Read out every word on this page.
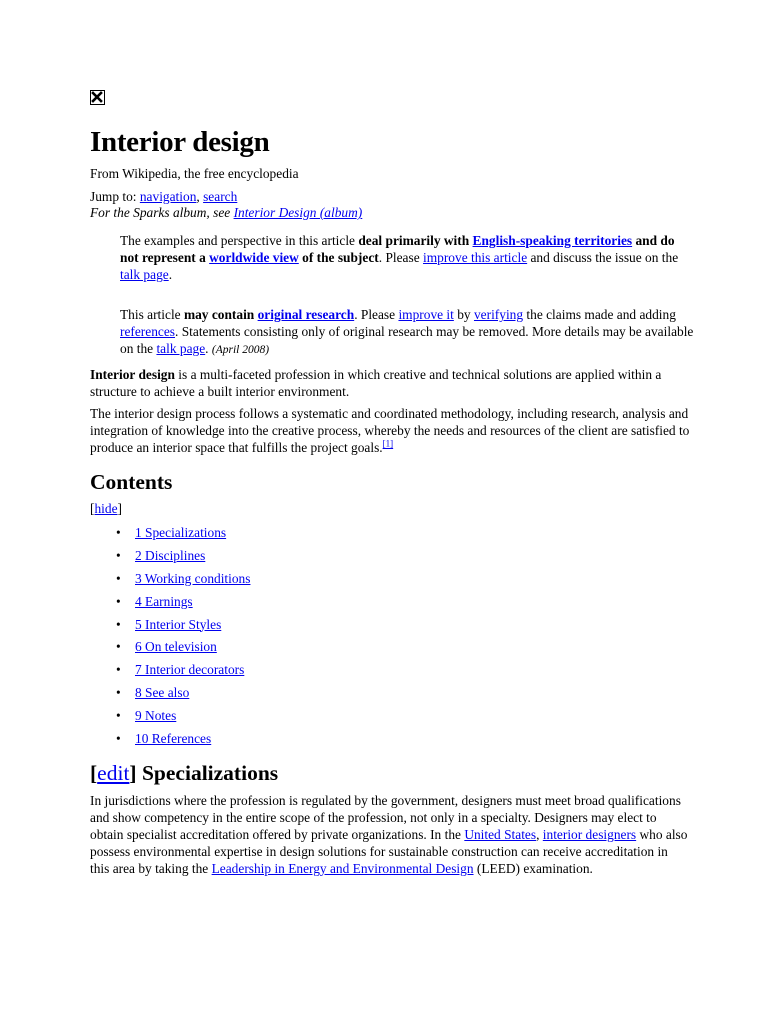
Interior design

From Wikipedia, the free encyclopedia

Jump to: navigation, search

For the Sparks album, see Interior Design (album)

The examples and perspective in this article deal primarily with English-speaking territories and do not represent a worldwide view of the subject. Please improve this article and discuss the issue on the talk page.

This article may contain original research. Please improve it by verifying the claims made and adding references. Statements consisting only of original research may be removed. More details may be available on the talk page. (April 2008)

Interior design is a multi-faceted profession in which creative and technical solutions are applied within a structure to achieve a built interior environment.

The interior design process follows a systematic and coordinated methodology, including research, analysis and integration of knowledge into the creative process, whereby the needs and resources of the client are satisfied to produce an interior space that fulfills the project goals.[1]

Contents

[hide]

• 1 Specializations
• 2 Disciplines
• 3 Working conditions
• 4 Earnings
• 5 Interior Styles
• 6 On television
• 7 Interior decorators
• 8 See also
• 9 Notes
• 10 References
[edit] Specializations

In jurisdictions where the profession is regulated by the government, designers must meet broad qualifications and show competency in the entire scope of the profession, not only in a specialty. Designers may elect to obtain specialist accreditation offered by private organizations. In the United States, interior designers who also possess environmental expertise in design solutions for sustainable construction can receive accreditation in this area by taking the Leadership in Energy and Environmental Design (LEED) examination.
